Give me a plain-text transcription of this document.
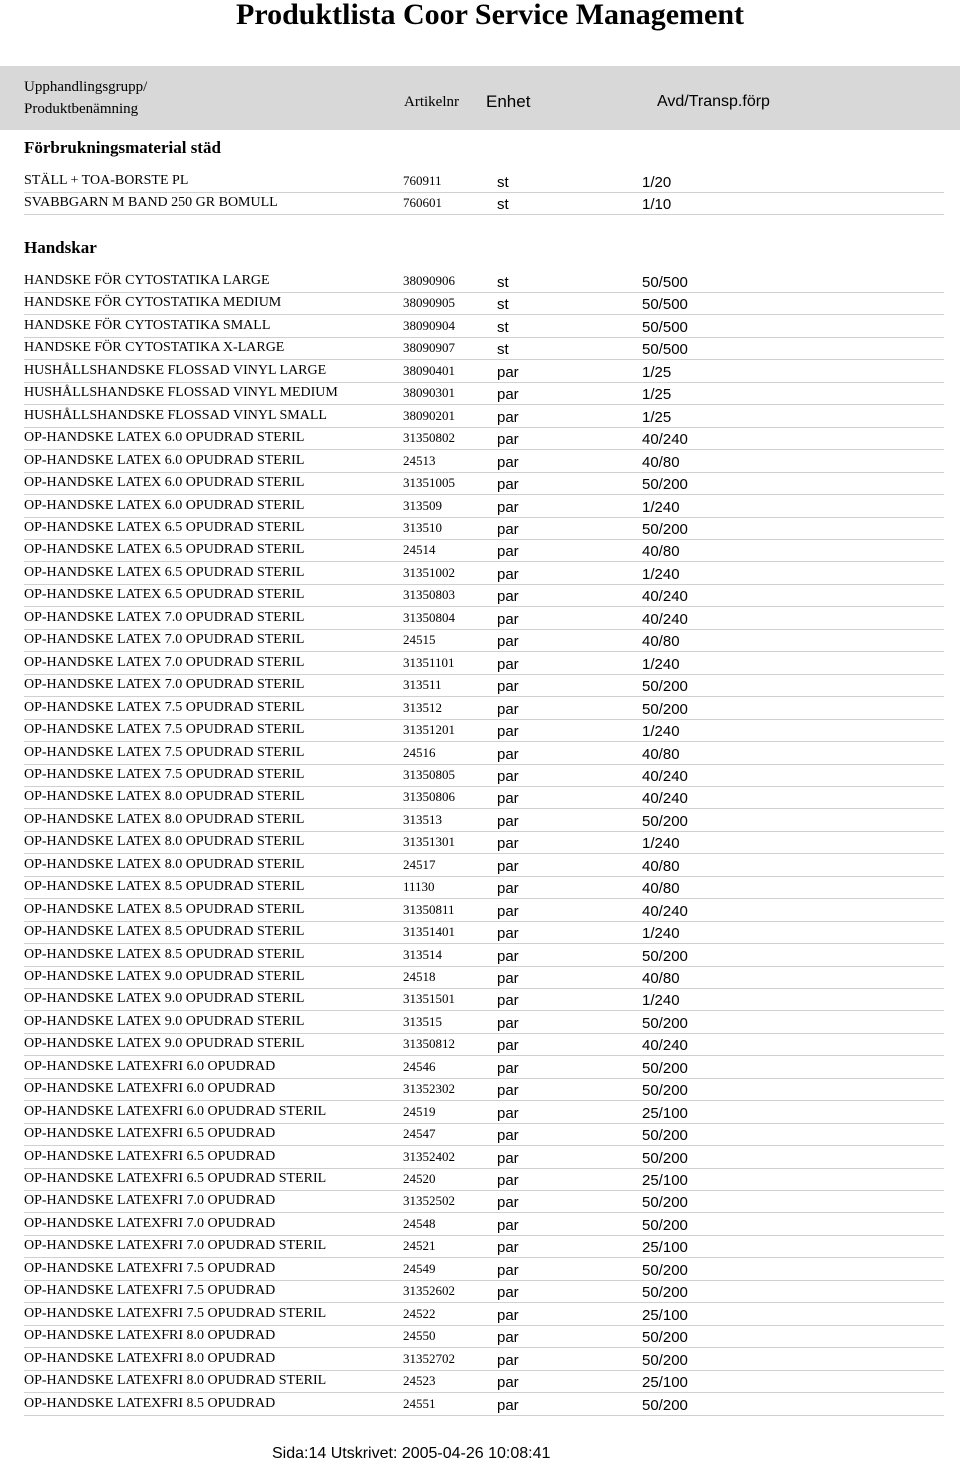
Produktlista Coor Service Management
Upphandlingsgrupp/
Produktbenämning	Artikelnr Enhet	Avd/Transp.förp
Förbrukningsmaterial städ
STÄLL + TOA-BORSTE PL	760911	st	1/20
SVABBGARN M BAND 250 GR BOMULL	760601	st	1/10
Handskar
HANDSKE FÖR CYTOSTATIKA LARGE	38090906	st	50/500
HANDSKE FÖR CYTOSTATIKA MEDIUM	38090905	st	50/500
HANDSKE FÖR CYTOSTATIKA SMALL	38090904	st	50/500
HANDSKE FÖR CYTOSTATIKA X-LARGE	38090907	st	50/500
HUSHÅLLSHANDSKE FLOSSAD VINYL LARGE	38090401	par	1/25
HUSHÅLLSHANDSKE FLOSSAD VINYL MEDIUM	38090301	par	1/25
HUSHÅLLSHANDSKE FLOSSAD VINYL SMALL	38090201	par	1/25
OP-HANDSKE LATEX 6.0 OPUDRAD STERIL	31350802	par	40/240
OP-HANDSKE LATEX 6.0 OPUDRAD STERIL	24513	par	40/80
OP-HANDSKE LATEX 6.0 OPUDRAD STERIL	31351005	par	50/200
OP-HANDSKE LATEX 6.0 OPUDRAD STERIL	313509	par	1/240
OP-HANDSKE LATEX 6.5 OPUDRAD STERIL	313510	par	50/200
OP-HANDSKE LATEX 6.5 OPUDRAD STERIL	24514	par	40/80
OP-HANDSKE LATEX 6.5 OPUDRAD STERIL	31351002	par	1/240
OP-HANDSKE LATEX 6.5 OPUDRAD STERIL	31350803	par	40/240
OP-HANDSKE LATEX 7.0 OPUDRAD STERIL	31350804	par	40/240
OP-HANDSKE LATEX 7.0 OPUDRAD STERIL	24515	par	40/80
OP-HANDSKE LATEX 7.0 OPUDRAD STERIL	31351101	par	1/240
OP-HANDSKE LATEX 7.0 OPUDRAD STERIL	313511	par	50/200
OP-HANDSKE LATEX 7.5 OPUDRAD STERIL	313512	par	50/200
OP-HANDSKE LATEX 7.5 OPUDRAD STERIL	31351201	par	1/240
OP-HANDSKE LATEX 7.5 OPUDRAD STERIL	24516	par	40/80
OP-HANDSKE LATEX 7.5 OPUDRAD STERIL	31350805	par	40/240
OP-HANDSKE LATEX 8.0 OPUDRAD STERIL	31350806	par	40/240
OP-HANDSKE LATEX 8.0 OPUDRAD STERIL	313513	par	50/200
OP-HANDSKE LATEX 8.0 OPUDRAD STERIL	31351301	par	1/240
OP-HANDSKE LATEX 8.0 OPUDRAD STERIL	24517	par	40/80
OP-HANDSKE LATEX 8.5 OPUDRAD STERIL	11130	par	40/80
OP-HANDSKE LATEX 8.5 OPUDRAD STERIL	31350811	par	40/240
OP-HANDSKE LATEX 8.5 OPUDRAD STERIL	31351401	par	1/240
OP-HANDSKE LATEX 8.5 OPUDRAD STERIL	313514	par	50/200
OP-HANDSKE LATEX 9.0 OPUDRAD STERIL	24518	par	40/80
OP-HANDSKE LATEX 9.0 OPUDRAD STERIL	31351501	par	1/240
OP-HANDSKE LATEX 9.0 OPUDRAD STERIL	313515	par	50/200
OP-HANDSKE LATEX 9.0 OPUDRAD STERIL	31350812	par	40/240
OP-HANDSKE LATEXFRI 6.0 OPUDRAD	24546	par	50/200
OP-HANDSKE LATEXFRI 6.0 OPUDRAD	31352302	par	50/200
OP-HANDSKE LATEXFRI 6.0 OPUDRAD STERIL	24519	par	25/100
OP-HANDSKE LATEXFRI 6.5 OPUDRAD	24547	par	50/200
OP-HANDSKE LATEXFRI 6.5 OPUDRAD	31352402	par	50/200
OP-HANDSKE LATEXFRI 6.5 OPUDRAD STERIL	24520	par	25/100
OP-HANDSKE LATEXFRI 7.0 OPUDRAD	31352502	par	50/200
OP-HANDSKE LATEXFRI 7.0 OPUDRAD	24548	par	50/200
OP-HANDSKE LATEXFRI 7.0 OPUDRAD STERIL	24521	par	25/100
OP-HANDSKE LATEXFRI 7.5 OPUDRAD	24549	par	50/200
OP-HANDSKE LATEXFRI 7.5 OPUDRAD	31352602	par	50/200
OP-HANDSKE LATEXFRI 7.5 OPUDRAD STERIL	24522	par	25/100
OP-HANDSKE LATEXFRI 8.0 OPUDRAD	24550	par	50/200
OP-HANDSKE LATEXFRI 8.0 OPUDRAD	31352702	par	50/200
OP-HANDSKE LATEXFRI 8.0 OPUDRAD STERIL	24523	par	25/100
OP-HANDSKE LATEXFRI 8.5 OPUDRAD	24551	par	50/200
Sida:14 Utskrivet: 2005-04-26 10:08:41
